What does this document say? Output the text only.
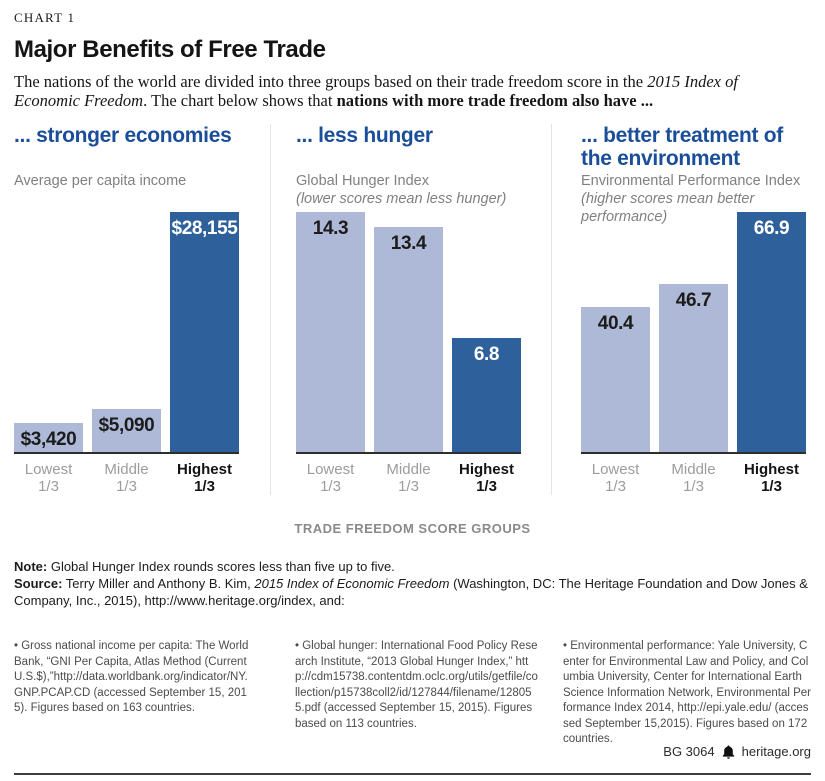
CHART 1
Major Benefits of Free Trade

The nations of the world are divided into three groups based on their trade freedom score in the 2015 Index of Economic Freedom. The chart below shows that nations with more trade freedom also have ...

... stronger economies
Average per capita income
$3,420
$5,090
$28,155
Lowest
1/3
Middle
1/3
Highest
1/3
... less hunger
Global Hunger Index
(lower scores mean less hunger)
14.3
13.4
6.8
Lowest
1/3
Middle
1/3
Highest
1/3
... better treatment of the environment
Environmental Performance Index
(higher scores mean better performance)
40.4
46.7
66.9
Lowest
1/3
Middle
1/3
Highest
1/3
TRADE FREEDOM SCORE GROUPS
Note: Global Hunger Index rounds scores less than five up to five.
Source: Terry Miller and Anthony B. Kim, 2015 Index of Economic Freedom (Washington, DC: The Heritage Foundation and Dow Jones & Company, Inc., 2015), http://www.heritage.org/index, and:
• Gross national income per capita: The World Bank, “GNI Per Capita, Atlas Method (Current U.S.$),”http://data.worldbank.org/indicator/NY.GNP.PCAP.CD (accessed September 15, 2015). Figures based on 163 countries.
• Global hunger: International Food Policy Research Institute, “2013 Global Hunger Index,” http://cdm15738.contentdm.oclc.org/utils/getfile/collection/p15738coll2/id/127844/filename/128055.pdf (accessed September 15, 2015). Figures based on 113 countries.
• Environmental performance: Yale University, Center for Environmental Law and Policy, and Columbia University, Center for International Earth Science Information Network, Environmental Performance Index 2014, http://epi.yale.edu/ (accessed September 15,2015). Figures based on 172 countries.
BG 3064 heritage.org
